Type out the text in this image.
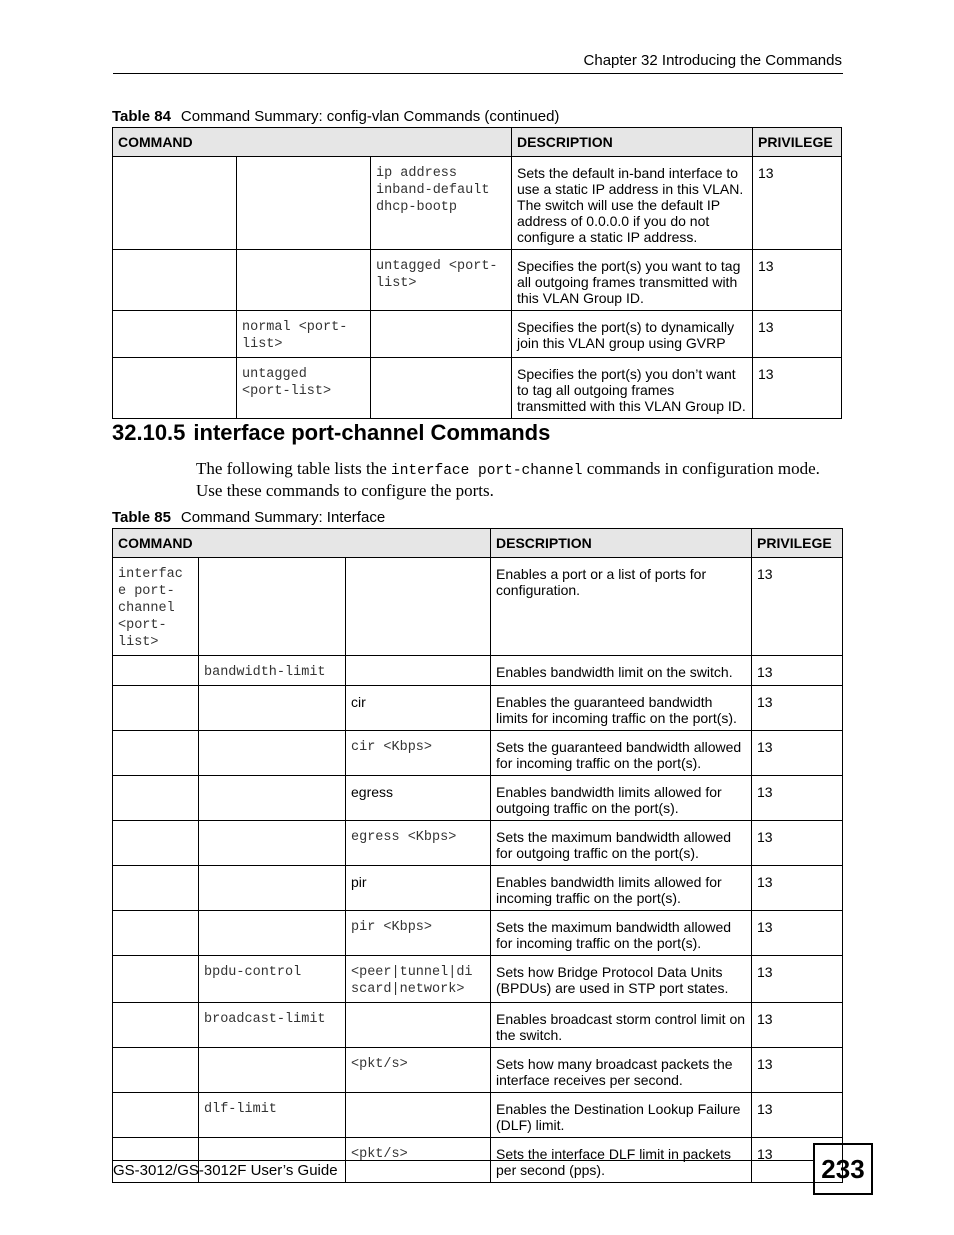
Chapter 32 Introducing the Commands
Table 84 Command Summary: config-vlan Commands (continued)
COMMAND			DESCRIPTION	PRIVILEGE
		ip address
inband-default
dhcp-bootp	Sets the default in-band interface to use a static IP address in this VLAN. The switch will use the default IP address of 0.0.0.0 if you do not configure a static IP address.	13
		untagged <port-
list>	Specifies the port(s) you want to tag all outgoing frames transmitted with this VLAN Group ID.	13
	normal <port-
list>		Specifies the port(s) to dynamically join this VLAN group using GVRP	13
	untagged
<port-list>		Specifies the port(s) you don’t want to tag all outgoing frames transmitted with this VLAN Group ID.	13
32.10.5 interface port-channel Commands
The following table lists the interface port-channel commands in configuration mode. Use these commands to configure the ports.
Table 85 Command Summary: Interface
COMMAND			DESCRIPTION	PRIVILEGE
interfac
e port-
channel
<port-
list>			Enables a port or a list of ports for configuration.	13
	bandwidth-limit		Enables bandwidth limit on the switch.	13
		cir	Enables the guaranteed bandwidth limits for incoming traffic on the port(s).	13
		cir <Kbps>	Sets the guaranteed bandwidth allowed for incoming traffic on the port(s).	13
		egress	Enables bandwidth limits allowed for outgoing traffic on the port(s).	13
		egress <Kbps>	Sets the maximum bandwidth allowed for outgoing traffic on the port(s).	13
		pir	Enables bandwidth limits allowed for incoming traffic on the port(s).	13
		pir <Kbps>	Sets the maximum bandwidth allowed for incoming traffic on the port(s).	13
	bpdu-control	<peer|tunnel|di
scard|network>	Sets how Bridge Protocol Data Units (BPDUs) are used in STP port states.	13
	broadcast-limit		Enables broadcast storm control limit on the switch.	13
		<pkt/s>	Sets how many broadcast packets the interface receives per second.	13
	dlf-limit		Enables the Destination Lookup Failure (DLF) limit.	13
		<pkt/s>	Sets the interface DLF limit in packets per second (pps).	13
GS-3012/GS-3012F User’s Guide	233
